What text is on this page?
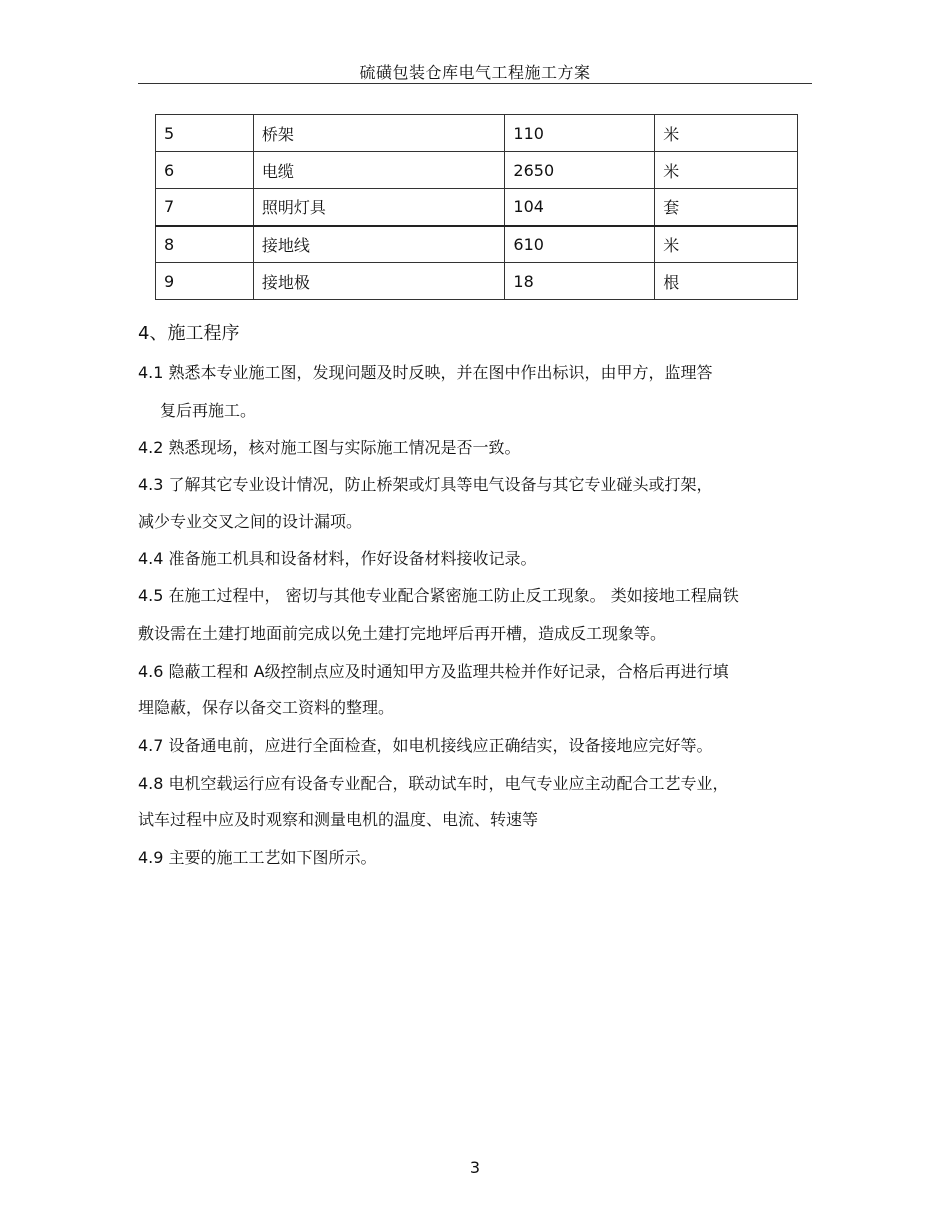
硫磺包装仓库电气工程施工方案
5	桥架	110	米
6	电缆	2650	米
7	照明灯具	104	套
8	接地线	610	米
9	接地极	18	根
4、施工程序
4.1 熟悉本专业施工图，发现问题及时反映，并在图中作出标识，由甲方，监理答
复后再施工。
4.2 熟悉现场，核对施工图与实际施工情况是否一致。
4.3 了解其它专业设计情况，防止桥架或灯具等电气设备与其它专业碰头或打架，
减少专业交叉之间的设计漏项。
4.4 准备施工机具和设备材料，作好设备材料接收记录。
4.5 在施工过程中， 密切与其他专业配合紧密施工防止反工现象。 类如接地工程扁铁
敷设需在土建打地面前完成以免土建打完地坪后再开槽，造成反工现象等。
4.6 隐蔽工程和 A级控制点应及时通知甲方及监理共检并作好记录，合格后再进行填
埋隐蔽，保存以备交工资料的整理。
4.7 设备通电前，应进行全面检查，如电机接线应正确结实，设备接地应完好等。
4.8 电机空载运行应有设备专业配合，联动试车时，电气专业应主动配合工艺专业，
试车过程中应及时观察和测量电机的温度、电流、转速等
4.9 主要的施工工艺如下图所示。
3
